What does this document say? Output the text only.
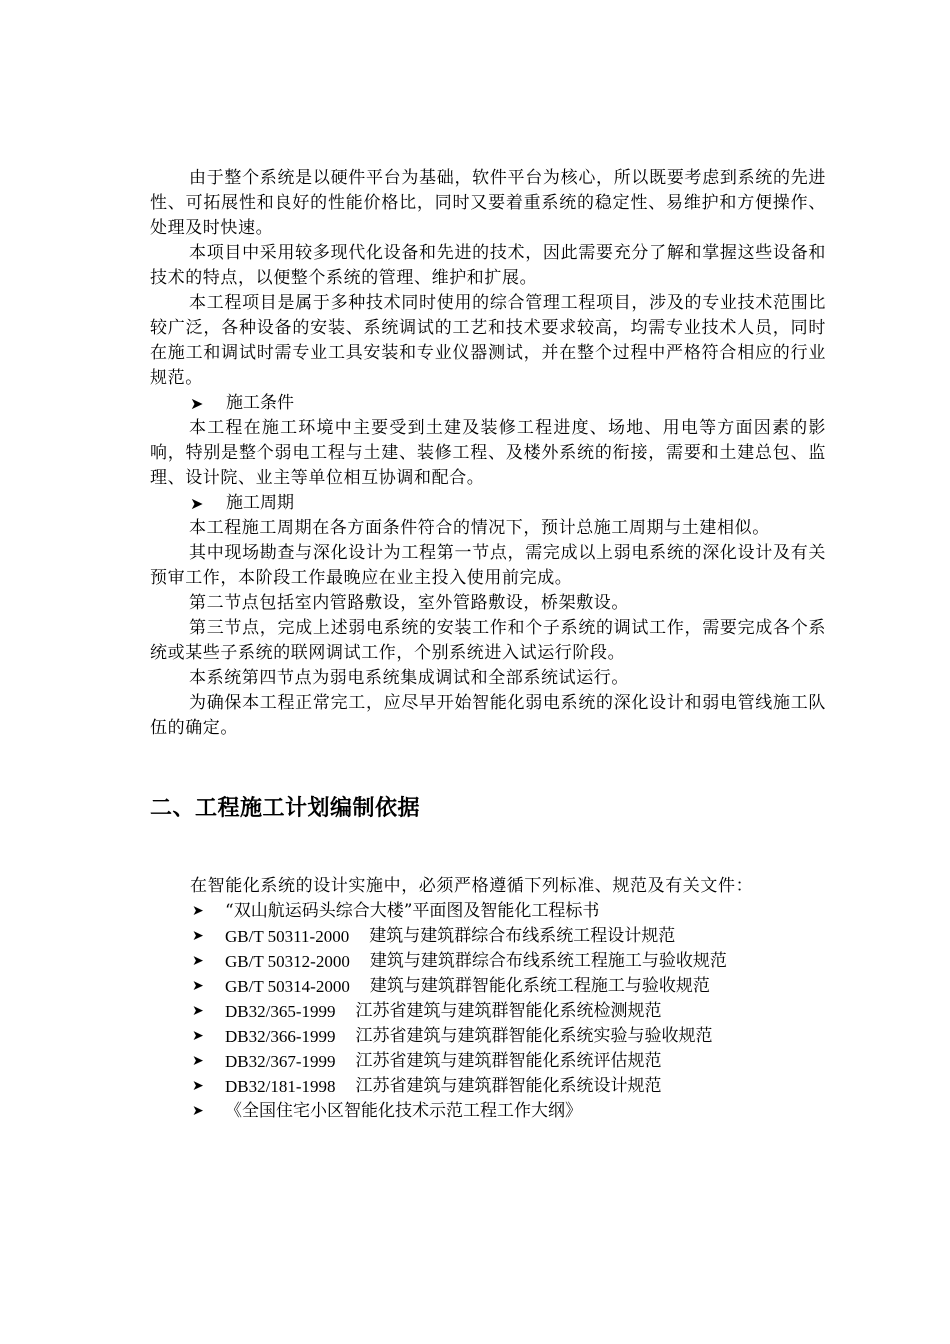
由于整个系统是以硬件平台为基础，软件平台为核心，所以既要考虑到系统的先进性、可拓展性和良好的性能价格比，同时又要着重系统的稳定性、易维护和方便操作、处理及时快速。

本项目中采用较多现代化设备和先进的技术，因此需要充分了解和掌握这些设备和技术的特点，以便整个系统的管理、维护和扩展。

本工程项目是属于多种技术同时使用的综合管理工程项目，涉及的专业技术范围比较广泛，各种设备的安装、系统调试的工艺和技术要求较高，均需专业技术人员，同时在施工和调试时需专业工具安装和专业仪器测试，并在整个过程中严格符合相应的行业规范。

➤	施工条件

本工程在施工环境中主要受到土建及装修工程进度、场地、用电等方面因素的影响，特别是整个弱电工程与土建、装修工程、及楼外系统的衔接，需要和土建总包、监理、设计院、业主等单位相互协调和配合。

➤	施工周期

本工程施工周期在各方面条件符合的情况下，预计总施工周期与土建相似。

其中现场勘查与深化设计为工程第一节点，需完成以上弱电系统的深化设计及有关预审工作，本阶段工作最晚应在业主投入使用前完成。

第二节点包括室内管路敷设，室外管路敷设，桥架敷设。

第三节点，完成上述弱电系统的安装工作和个子系统的调试工作，需要完成各个系统或某些子系统的联网调试工作，个别系统进入试运行阶段。

本系统第四节点为弱电系统集成调试和全部系统试运行。

为确保本工程正常完工，应尽早开始智能化弱电系统的深化设计和弱电管线施工队伍的确定。

二、工程施工计划编制依据

在智能化系统的设计实施中，必须严格遵循下列标准、规范及有关文件：

➤	“双山航运码头综合大楼”平面图及智能化工程标书
➤	GB/T 50311-2000 建筑与建筑群综合布线系统工程设计规范
➤	GB/T 50312-2000 建筑与建筑群综合布线系统工程施工与验收规范
➤	GB/T 50314-2000 建筑与建筑群智能化系统工程施工与验收规范
➤	DB32/365-1999 江苏省建筑与建筑群智能化系统检测规范
➤	DB32/366-1999 江苏省建筑与建筑群智能化系统实验与验收规范
➤	DB32/367-1999 江苏省建筑与建筑群智能化系统评估规范
➤	DB32/181-1998 江苏省建筑与建筑群智能化系统设计规范
➤	《全国住宅小区智能化技术示范工程工作大纲》
